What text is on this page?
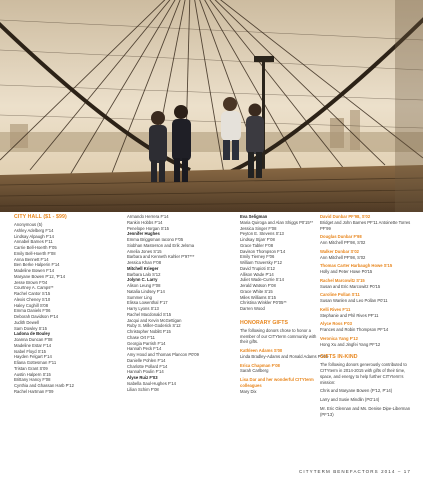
CITY HALL ($1 - $99)
Anonymous (5)
Ashley Adelberg F'14
Lindsay Alpaugh F'14
Annabel Barnes F'11
Carrie Bell-Hoerth F'05
Emily Bell-Hoerth F'08
Anna Bennett F'14
Ben Berke Halperin F'14
Madeline Bowen F'14
Maryane Bowen P'12, 'P'14
Jesse Brown F'04
Courtney A. Camps**
Rachel Cantor S'15
Alexis Cheney S'10
Haley Coghill S'08
Emma Daniels F'06
Deborah Davidson P'14
Judith Dewell
Sam Dowley S'15
Ladona de Bouley
Joanna Duncan F'08
Madeline Estar F'14
Isabel Floyd S'15
Hayden Felgart F'14
Eliana Gottesman F'11
Tristan Grant S'09
Austin Halpern S'15
Brittany Hancy F'08
Cynthia and Ghassan Harb P'12
Rachel Hartman F'09
Armando Herrera F'14
Rankin Hobbs F'14
Penelope Horgan S'15
Jennifer Hughes
Emma Briggsman Iacono F'05
Siobhan Masterson and Erik Jelsma
Amelia Jones S'15
Barbara and Kenneth Kahler P'97***
Jessica Khan F'08
Mitchell Krieger
Barbara Lalo S'12
Jolynn C. Larry
Alison Leung F'08
Natalia Lindsey F'14
Summer Ling
Elissa Lowenthal F'17
Harry Lyons S'13
Rachel Macdonald S'15
Jacqui and Kevin McGettigan
Ruby S. Miller-Goderick S'12
Christopher Noblitt F'15
Chase Ort F'11
Georgia Parrish F'14
Hannah Peck F'14
Amy Hood and Thomas Plancon P0'09
Danielle Pohlen F'14
Charlotte Pollard F'14
Hannah Poulin F'14
Alyse Ruiz F'03
Isabella Saul-Hughes F'14
Lilian Schim F'08
Eva Seligman
Maria Quiroga and Alan Shiggs P0'15**
Jessica Singer F'08
Peyton E. Stevens S'13
Lindsay Stjarr F'08
Grace Tabler F'08
Davison Thompson F'14
Emily Tierney F'06
William Traversky F'12
David Trupioti S'12
Allison Wade P'14
Juliet Wade-Currie S'14
Jerald Watson F'08
Grace White S'15
Miles Williams S'15
Christina Winkler P0'05**
Darren Wood
HONORARY GIFTS
The following donors chose to honor a member of our CITYterm community with their gifts.
Kathleen Adams S'00
Linda Bradley-Adams and Ronald Adams P0'05
Erica Chapman F'08
Sarah Carlberg
Lisa Dar and her wonderful CITYterm colleagues
Mary Dix
David Dunbar PF'98, S'02
Bridget and John Barnes PF'11 Antoinette Torres PF'99
Douglas Dunbar F'98
Ann Mitchell PF'98, S'02
Walker Dunbar S'02
Ann Mitchell PF'98, S'02
Thomas Carter Harbaugh Howe S'15
Holly and Peter Howe P0'15
Rachel Marcowitz S'15
Susan and Eric Marcowitz P0'15
Caroline Pollan S'11
Susan Wanlen and Leo Pollan P0'11
Kelli Rives F'11
Stephanie and Phil Rives PF'11
Alyce Ross F'03
Frances and Robin Thompson PF'14
Veronica Yang F'12
Hong Xu and Jingfei Yang PF'12
GIFTS IN-KIND
The following donors generously contributed to CITYterm in 2014-2015 with gifts of their time, space, and energy to help further CITYterm's mission:
Chris and Maryane Bowen (P'12, P'14)
Larry and Susie Mindlin (PG'14)
Mr. Eric Glennan and Ms. Denise Dipe-Liberman (PF'13)
CITYTERM BENEFACTORS 2014 – 17
